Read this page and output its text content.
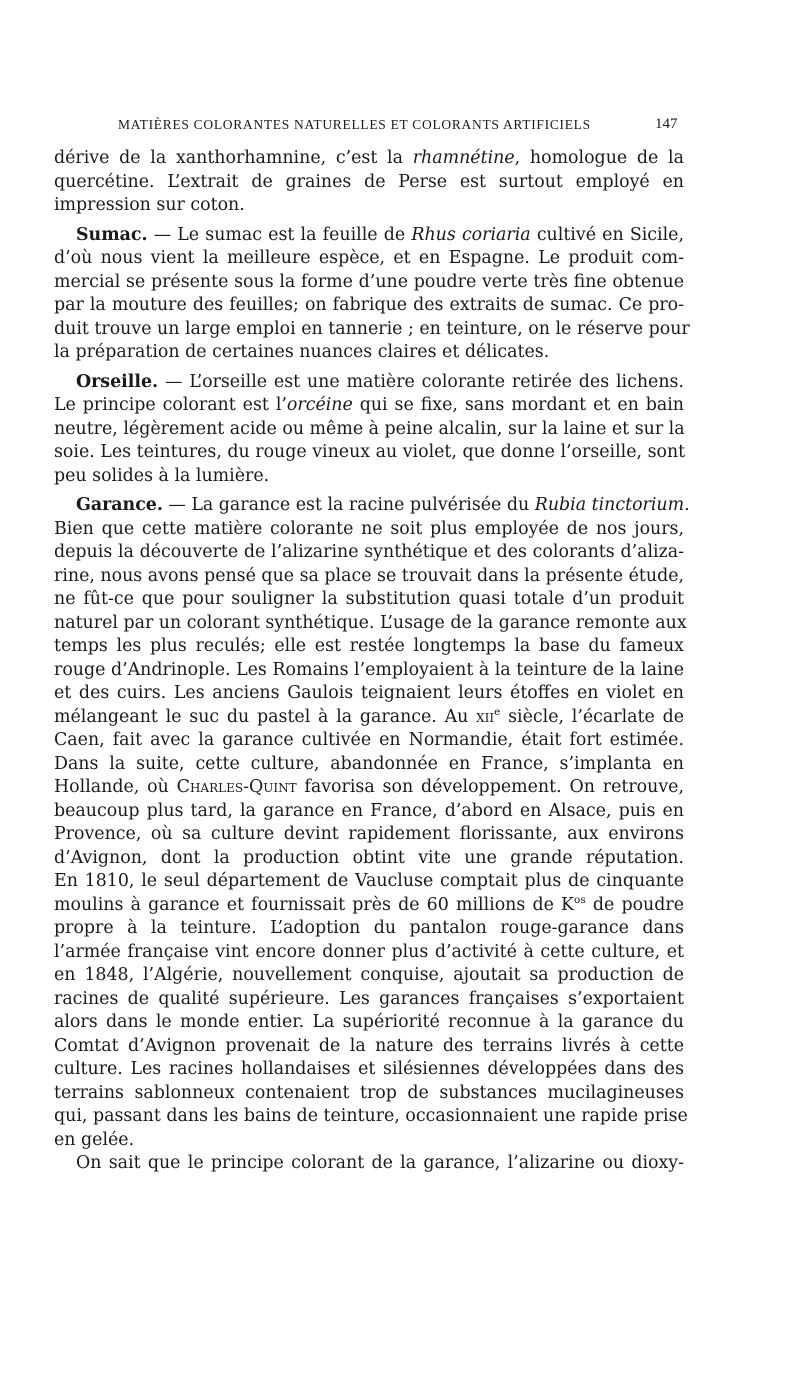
MATIÈRES COLORANTES NATURELLES ET COLORANTS ARTIFICIELS	147
dérive de la xanthorhamnine, c’est la rhamnétine, homologue de la
quercétine. L’extrait de graines de Perse est surtout employé en
impression sur coton.
Sumac. — Le sumac est la feuille de Rhus coriaria cultivé en Sicile,
d’où nous vient la meilleure espèce, et en Espagne. Le produit com-
mercial se présente sous la forme d’une poudre verte très fine obtenue
par la mouture des feuilles; on fabrique des extraits de sumac. Ce pro-
duit trouve un large emploi en tannerie ; en teinture, on le réserve pour
la préparation de certaines nuances claires et délicates.
Orseille. — L’orseille est une matière colorante retirée des lichens.
Le principe colorant est l’orcéine qui se fixe, sans mordant et en bain
neutre, légèrement acide ou même à peine alcalin, sur la laine et sur la
soie. Les teintures, du rouge vineux au violet, que donne l’orseille, sont
peu solides à la lumière.
Garance. — La garance est la racine pulvérisée du Rubia tinctorium.
Bien que cette matière colorante ne soit plus employée de nos jours,
depuis la découverte de l’alizarine synthétique et des colorants d’aliza-
rine, nous avons pensé que sa place se trouvait dans la présente étude,
ne fût-ce que pour souligner la substitution quasi totale d’un produit
naturel par un colorant synthétique. L’usage de la garance remonte aux
temps les plus reculés; elle est restée longtemps la base du fameux
rouge d’Andrinople. Les Romains l’employaient à la teinture de la laine
et des cuirs. Les anciens Gaulois teignaient leurs étoffes en violet en
mélangeant le suc du pastel à la garance. Au xii$^e$ siècle, l’écarlate de
Caen, fait avec la garance cultivée en Normandie, était fort estimée.
Dans la suite, cette culture, abandonnée en France, s’implanta en
Hollande, où Charles-Quint favorisa son développement. On retrouve,
beaucoup plus tard, la garance en France, d’abord en Alsace, puis en
Provence, où sa culture devint rapidement florissante, aux environs
d’Avignon, dont la production obtint vite une grande réputation.
En 1810, le seul département de Vaucluse comptait plus de cinquante
moulins à garance et fournissait près de 60 millions de $K^{os}$ de poudre
propre à la teinture. L’adoption du pantalon rouge-garance dans
l’armée française vint encore donner plus d’activité à cette culture, et
en 1848, l’Algérie, nouvellement conquise, ajoutait sa production de
racines de qualité supérieure. Les garances françaises s’exportaient
alors dans le monde entier. La supériorité reconnue à la garance du
Comtat d’Avignon provenait de la nature des terrains livrés à cette
culture. Les racines hollandaises et silésiennes développées dans des
terrains sablonneux contenaient trop de substances mucilagineuses
qui, passant dans les bains de teinture, occasionnaient une rapide prise
en gelée.
On sait que le principe colorant de la garance, l’alizarine ou dioxy-
